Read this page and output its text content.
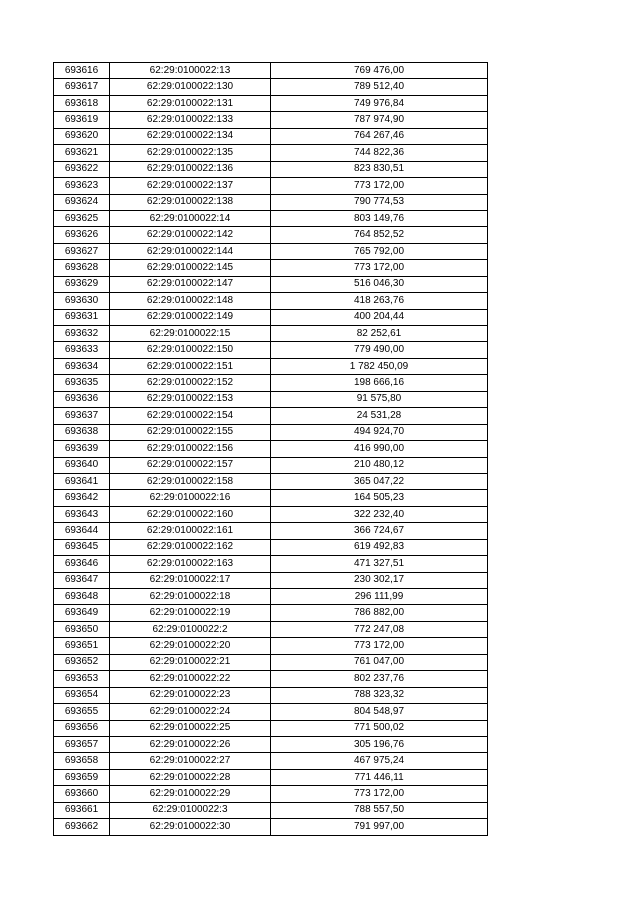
693616	62:29:0100022:13	769 476,00
693617	62:29:0100022:130	789 512,40
693618	62:29:0100022:131	749 976,84
693619	62:29:0100022:133	787 974,90
693620	62:29:0100022:134	764 267,46
693621	62:29:0100022:135	744 822,36
693622	62:29:0100022:136	823 830,51
693623	62:29:0100022:137	773 172,00
693624	62:29:0100022:138	790 774,53
693625	62:29:0100022:14	803 149,76
693626	62:29:0100022:142	764 852,52
693627	62:29:0100022:144	765 792,00
693628	62:29:0100022:145	773 172,00
693629	62:29:0100022:147	516 046,30
693630	62:29:0100022:148	418 263,76
693631	62:29:0100022:149	400 204,44
693632	62:29:0100022:15	82 252,61
693633	62:29:0100022:150	779 490,00
693634	62:29:0100022:151	1 782 450,09
693635	62:29:0100022:152	198 666,16
693636	62:29:0100022:153	91 575,80
693637	62:29:0100022:154	24 531,28
693638	62:29:0100022:155	494 924,70
693639	62:29:0100022:156	416 990,00
693640	62:29:0100022:157	210 480,12
693641	62:29:0100022:158	365 047,22
693642	62:29:0100022:16	164 505,23
693643	62:29:0100022:160	322 232,40
693644	62:29:0100022:161	366 724,67
693645	62:29:0100022:162	619 492,83
693646	62:29:0100022:163	471 327,51
693647	62:29:0100022:17	230 302,17
693648	62:29:0100022:18	296 111,99
693649	62:29:0100022:19	786 882,00
693650	62:29:0100022:2	772 247,08
693651	62:29:0100022:20	773 172,00
693652	62:29:0100022:21	761 047,00
693653	62:29:0100022:22	802 237,76
693654	62:29:0100022:23	788 323,32
693655	62:29:0100022:24	804 548,97
693656	62:29:0100022:25	771 500,02
693657	62:29:0100022:26	305 196,76
693658	62:29:0100022:27	467 975,24
693659	62:29:0100022:28	771 446,11
693660	62:29:0100022:29	773 172,00
693661	62:29:0100022:3	788 557,50
693662	62:29:0100022:30	791 997,00
